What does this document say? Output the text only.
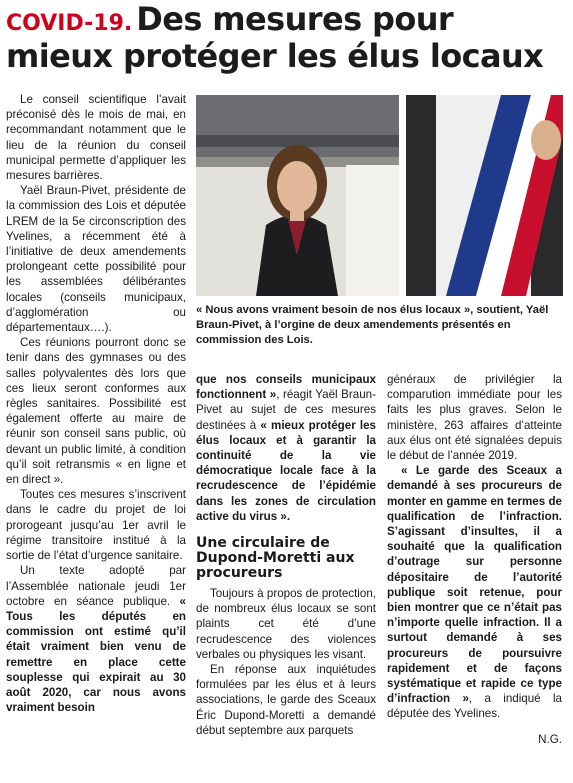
COVID-19. Des mesures pour
mieux protéger les élus locaux

Le conseil scientifique l’avait préconisé dès le mois de mai, en recommandant notamment que le lieu de la réunion du conseil municipal permette d’appliquer les mesures barrières.

Yaël Braun-Pivet, présidente de la commission des Lois et députée LREM de la 5e circonscription des Yvelines, a récemment été à l’initiative de deux amendements prolongeant cette possibilité pour les assemblées délibérantes locales (conseils municipaux, d’agglomération ou départementaux….).

Ces réunions pourront donc se tenir dans des gymnases ou des salles polyvalentes dès lors que ces lieux seront conformes aux règles sanitaires. Possibilité est également offerte au maire de réunir son conseil sans public, où devant un public limité, à condition qu’il soit retransmis « en ligne et en direct ».

Toutes ces mesures s’inscrivent dans le cadre du projet de loi prorogeant jusqu’au 1er avril le régime transitoire institué à la sortie de l’état d’urgence sanitaire.

Un texte adopté par l’Assemblée nationale jeudi 1er octobre en séance publique. « Tous les députés en commission ont estimé qu’il était vraiment bien venu de remettre en place cette souplesse qui expirait au 30 août 2020, car nous avons vraiment besoin

« Nous avons vraiment besoin de nos élus locaux », soutient, Yaël Braun-Pivet, à l’orgine de deux amendements présentés en commission des Lois.

que nos conseils municipaux fonctionnent », réagit Yaël Braun-Pivet au sujet de ces mesures destinées à « mieux protéger les élus locaux et à garantir la continuité de la vie démocratique locale face à la recrudescence de l’épidémie dans les zones de circulation active du virus ».

Une circulaire de Dupond-Moretti aux procureurs

Toujours à propos de protection, de nombreux élus locaux se sont plaints cet été d’une recrudescence des violences verbales ou physiques les visant.

En réponse aux inquiétudes formulées par les élus et à leurs associations, le garde des Sceaux Éric Dupond-Moretti a demandé début septembre aux parquets

généraux de privilégier la comparution immédiate pour les faits les plus graves. Selon le ministère, 263 affaires d’atteinte aux élus ont été signalées depuis le début de l’année 2019.

« Le garde des Sceaux a demandé à ses procureurs de monter en gamme en termes de qualification de l’infraction. S’agissant d’insultes, il a souhaité que la qualification d’outrage sur personne dépositaire de l’autorité publique soit retenue, pour bien montrer que ce n’était pas n’importe quelle infraction. Il a surtout demandé à ses procureurs de poursuivre rapidement et de façons systématique et rapide ce type d’infraction », a indiqué la députée des Yvelines.

N.G.
